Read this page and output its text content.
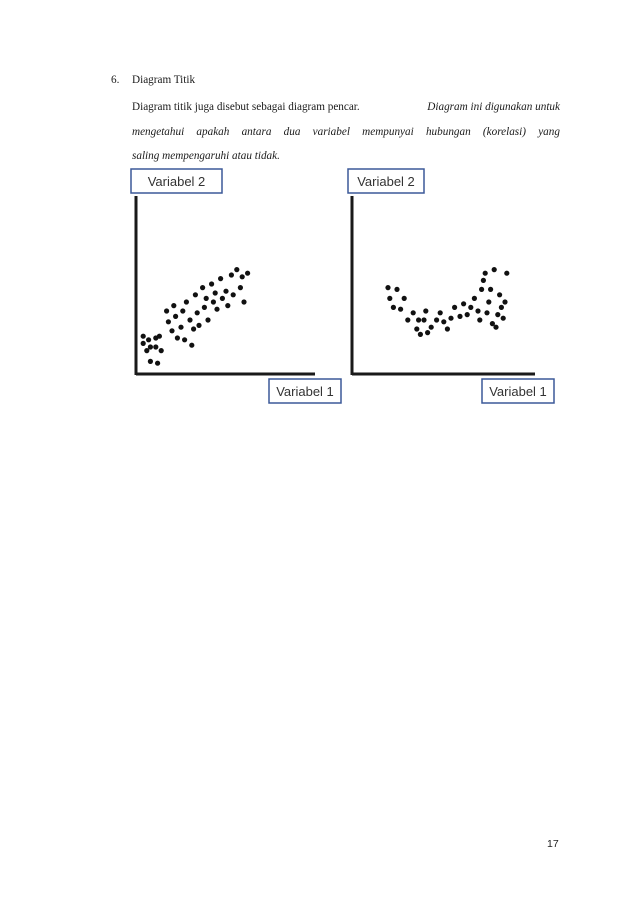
6. Diagram Titik

Diagram titik juga disebut sebagai diagram pencar.	Diagram ini digunakan untuk

mengetahui apakah antara dua variabel mempunyai hubungan (korelasi) yang

saling mempengaruhi atau tidak.

Variabel 2
Variabel 1
Variabel 2
Variabel 1
17
